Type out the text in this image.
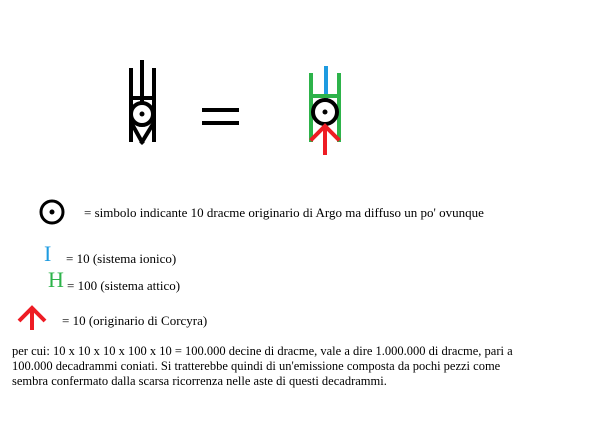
= simbolo indicante 10 dracme originario di Argo ma diffuso un po' ovunque
I = 10 (sistema ionico)
H = 100 (sistema attico)
= 10 (originario di Corcyra)
per cui: 10 x 10 x 10 x 100 x 10 = 100.000 decine di dracme, vale a dire 1.000.000 di dracme, pari a
100.000 decadrammi coniati. Si tratterebbe quindi di un'emissione composta da pochi pezzi come
sembra confermato dalla scarsa ricorrenza nelle aste di questi decadrammi.
